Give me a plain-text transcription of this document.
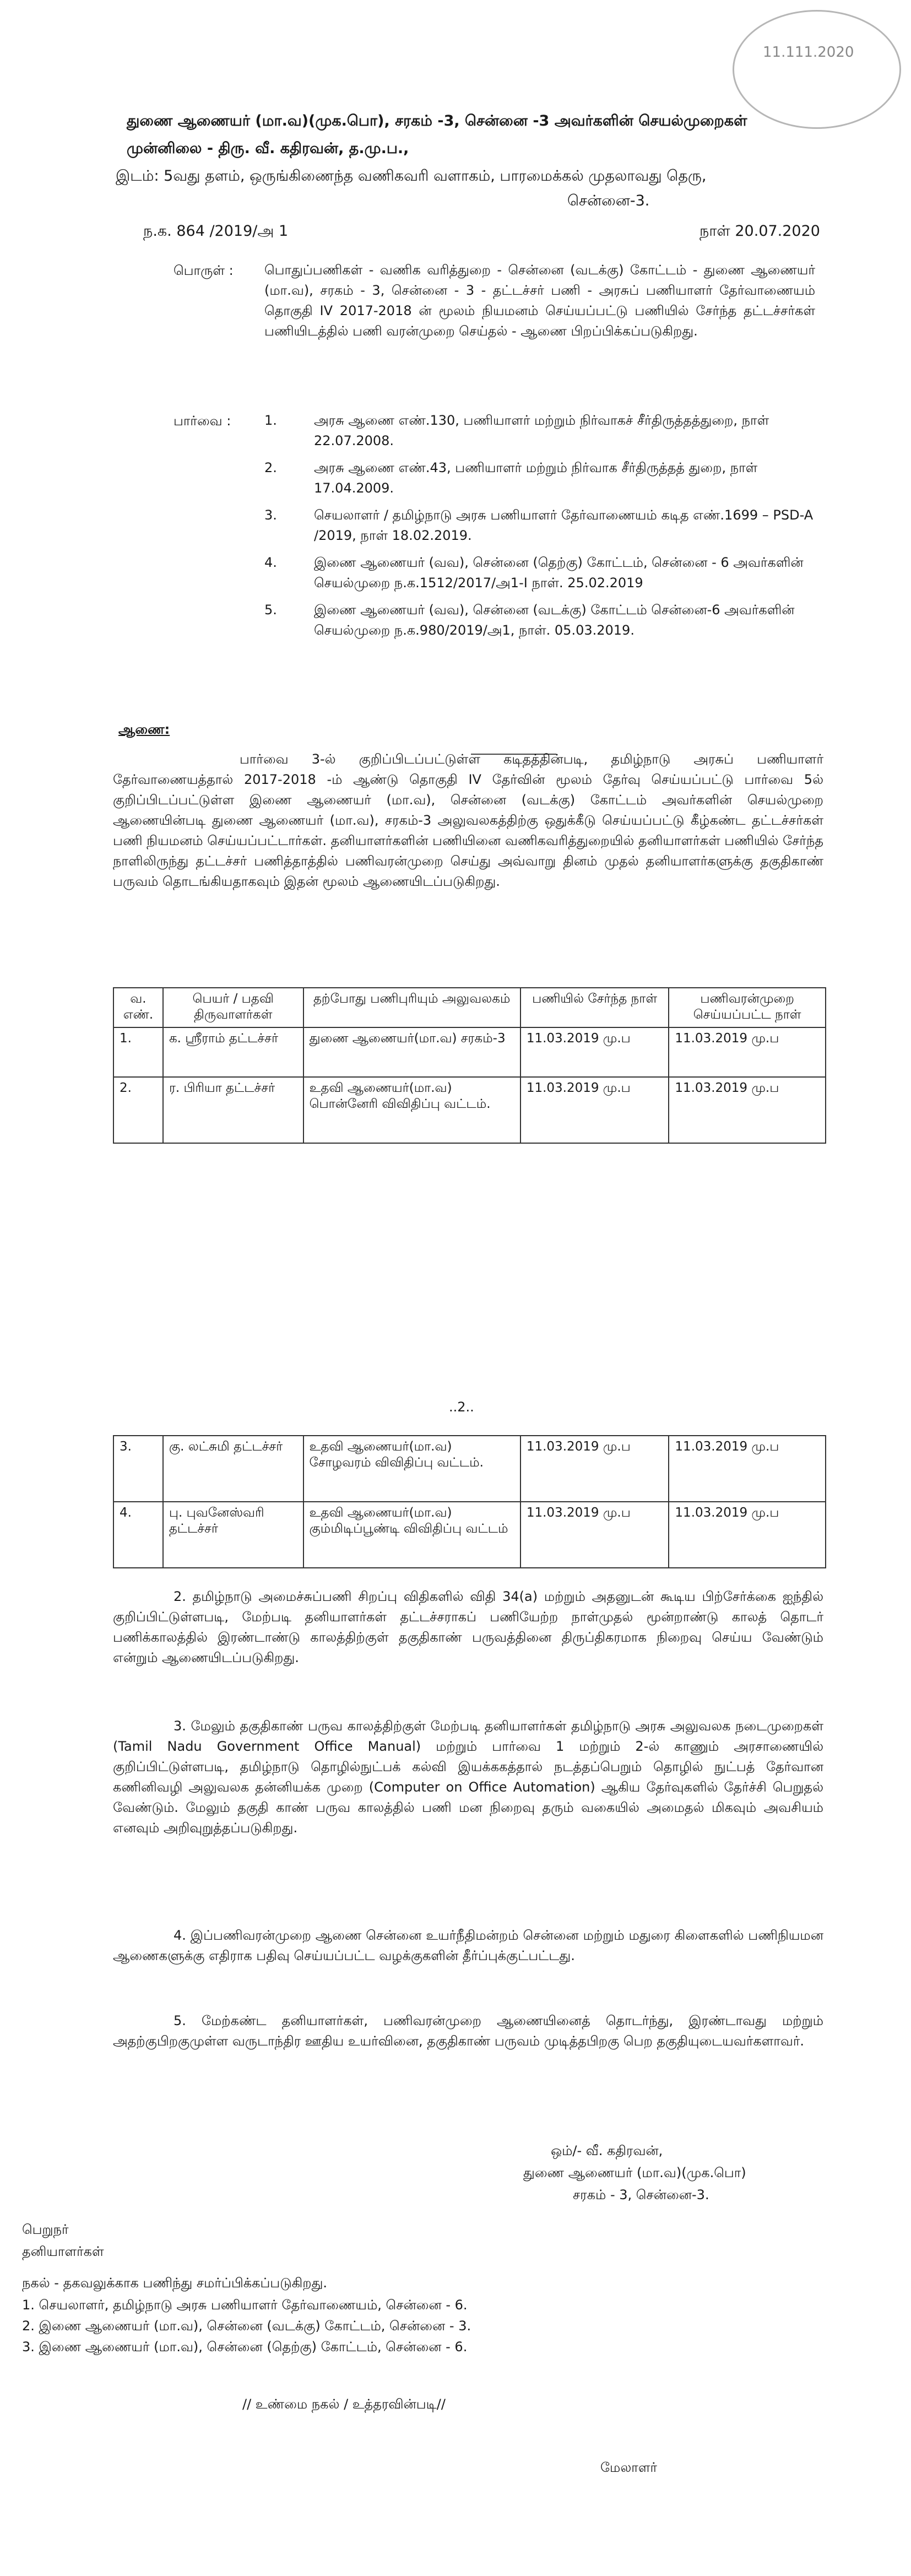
11.111.2020
துணை ஆணையர் (மா.வ)(முக.பொ), சரகம் -3, சென்னை -3 அவர்களின் செயல்முறைகள்
முன்னிலை - திரு. வீ. கதிரவன், த.மு.ப.,
இடம்: 5வது தளம், ஒருங்கிணைந்த வணிகவரி வளாகம், பாரமைக்கல் முதலாவது தெரு,
சென்னை-3.
ந.க. 864 /2019/அ 1	நாள் 20.07.2020
பொருள் : பொதுப்பணிகள் - வணிக வரித்துறை - சென்னை (வடக்கு) கோட்டம் - துணை ஆணையர் (மா.வ), சரகம் - 3, சென்னை - 3 - தட்டச்சர் பணி - அரசுப் பணியாளர் தேர்வாணையம் தொகுதி IV 2017-2018 ன் மூலம் நியமனம் செய்யப்பட்டு பணியில் சேர்ந்த தட்டச்சர்கள் பணியிடத்தில் பணி வரன்முறை செய்தல் - ஆணை பிறப்பிக்கப்படுகிறது.
பார்வை :	1.	அரசு ஆணை எண்.130, பணியாளர் மற்றும் நிர்வாகச் சீர்திருத்தத்துறை, நாள் 22.07.2008.
2.	அரசு ஆணை எண்.43, பணியாளர் மற்றும் நிர்வாக சீர்திருத்தத் துறை, நாள் 17.04.2009.
3.	செயலாளர் / தமிழ்நாடு அரசு பணியாளர் தேர்வாணையம் கடித எண்.1699 – PSD-A /2019, நாள் 18.02.2019.
4.	இணை ஆணையர் (வவ), சென்னை (தெற்கு) கோட்டம், சென்னை - 6 அவர்களின் செயல்முறை ந.க.1512/2017/அ1-I நாள். 25.02.2019
5.	இணை ஆணையர் (வவ), சென்னை (வடக்கு) கோட்டம் சென்னை-6 அவர்களின் செயல்முறை ந.க.980/2019/அ1, நாள். 05.03.2019.
ஆணை:
பார்வை 3-ல் குறிப்பிடப்பட்டுள்ள கடிதத்தின்படி, தமிழ்நாடு அரசுப் பணியாளர் தேர்வாணையத்தால் 2017-2018 -ம் ஆண்டு தொகுதி IV தேர்வின் மூலம் தேர்வு செய்யப்பட்டு பார்வை 5ல் குறிப்பிடப்பட்டுள்ள இணை ஆணையர் (மா.வ), சென்னை (வடக்கு) கோட்டம் அவர்களின் செயல்முறை ஆணையின்படி துணை ஆணையர் (மா.வ), சரகம்-3 அலுவலகத்திற்கு ஒதுக்கீடு செய்யப்பட்டு கீழ்கண்ட தட்டச்சர்கள் பணி நியமனம் செய்யப்பட்டார்கள். தனியாளர்களின் பணியினை வணிகவரித்துறையில் தனியாளர்கள் பணியில் சேர்ந்த நாளிலிருந்து தட்டச்சர் பணித்தாத்தில் பணிவரன்முறை செய்து அவ்வாறு தினம் முதல் தனியாளர்களுக்கு தகுதிகாண் பருவம் தொடங்கியதாகவும் இதன் மூலம் ஆணையிடப்படுகிறது.
வ. எண்.	பெயர் / பதவி திருவாளர்கள்	தற்போது பணிபுரியும் அலுவலகம்	பணியில் சேர்ந்த நாள்	பணிவரன்முறை செய்யப்பட்ட நாள்
1.	க. ஸ்ரீராம் தட்டச்சர்	துணை ஆணையர்(மா.வ) சரகம்-3	11.03.2019 மு.ப	11.03.2019 மு.ப
2.	ர. பிரியா தட்டச்சர்	உதவி ஆணையர்(மா.வ) பொன்னேரி விவிதிப்பு வட்டம்.	11.03.2019 மு.ப	11.03.2019 மு.ப
..2..
3.	கு. லட்சுமி தட்டச்சர்	உதவி ஆணையர்(மா.வ) சோழவரம் விவிதிப்பு வட்டம்.	11.03.2019 மு.ப	11.03.2019 மு.ப
4.	பு. புவனேஸ்வரி தட்டச்சர்	உதவி ஆணையர்(மா.வ) கும்மிடிப்பூண்டி விவிதிப்பு வட்டம்	11.03.2019 மு.ப	11.03.2019 மு.ப
2. தமிழ்நாடு அமைச்சுப்பணி சிறப்பு விதிகளில் விதி 34(a) மற்றும் அதனுடன் கூடிய பிற்சேர்க்கை ஐந்தில் குறிப்பிட்டுள்ளபடி, மேற்படி தனியாளர்கள் தட்டச்சராகப் பணியேற்ற நாள்முதல் மூன்றாண்டு காலத் தொடர் பணிக்காலத்தில் இரண்டாண்டு காலத்திற்குள் தகுதிகாண் பருவத்தினை திருப்திகரமாக நிறைவு செய்ய வேண்டும் என்றும் ஆணையிடப்படுகிறது.
3. மேலும் தகுதிகாண் பருவ காலத்திற்குள் மேற்படி தனியாளர்கள் தமிழ்நாடு அரசு அலுவலக நடைமுறைகள் (Tamil Nadu Government Office Manual) மற்றும் பார்வை 1 மற்றும் 2-ல் காணும் அரசாணையில் குறிப்பிட்டுள்ளபடி, தமிழ்நாடு தொழில்நுட்பக் கல்வி இயக்ககத்தால் நடத்தப்பெறும் தொழில் நுட்பத் தேர்வான கணினிவழி அலுவலக தன்னியக்க முறை (Computer on Office Automation) ஆகிய தேர்வுகளில் தேர்ச்சி பெறுதல் வேண்டும். மேலும் தகுதி காண் பருவ காலத்தில் பணி மன நிறைவு தரும் வகையில் அமைதல் மிகவும் அவசியம் எனவும் அறிவுறுத்தப்படுகிறது.
4. இப்பணிவரன்முறை ஆணை சென்னை உயர்நீதிமன்றம் சென்னை மற்றும் மதுரை கிளைகளில் பணிநியமன ஆணைகளுக்கு எதிராக பதிவு செய்யப்பட்ட வழக்குகளின் தீர்ப்புக்குட்பட்டது.
5. மேற்கண்ட தனியாளர்கள், பணிவரன்முறை ஆணையினைத் தொடர்ந்து, இரண்டாவது மற்றும் அதற்குபிறகுமுள்ள வருடாந்திர ஊதிய உயர்வினை, தகுதிகாண் பருவம் முடித்தபிறகு பெற தகுதியுடையவர்களாவர்.
ஒம்/- வீ. கதிரவன்,
துணை ஆணையர் (மா.வ)(முக.பொ)
சரகம் - 3, சென்னை-3.
பெறுநர்
தனியாளர்கள்
நகல் - தகவலுக்காக பணிந்து சமர்ப்பிக்கப்படுகிறது.
1. செயலாளர், தமிழ்நாடு அரசு பணியாளர் தேர்வாணையம், சென்னை - 6.
2. இணை ஆணையர் (மா.வ), சென்னை (வடக்கு) கோட்டம், சென்னை - 3.
3. இணை ஆணையர் (மா.வ), சென்னை (தெற்கு) கோட்டம், சென்னை - 6.
// உண்மை நகல் / உத்தரவின்படி//
மேலாளர்
